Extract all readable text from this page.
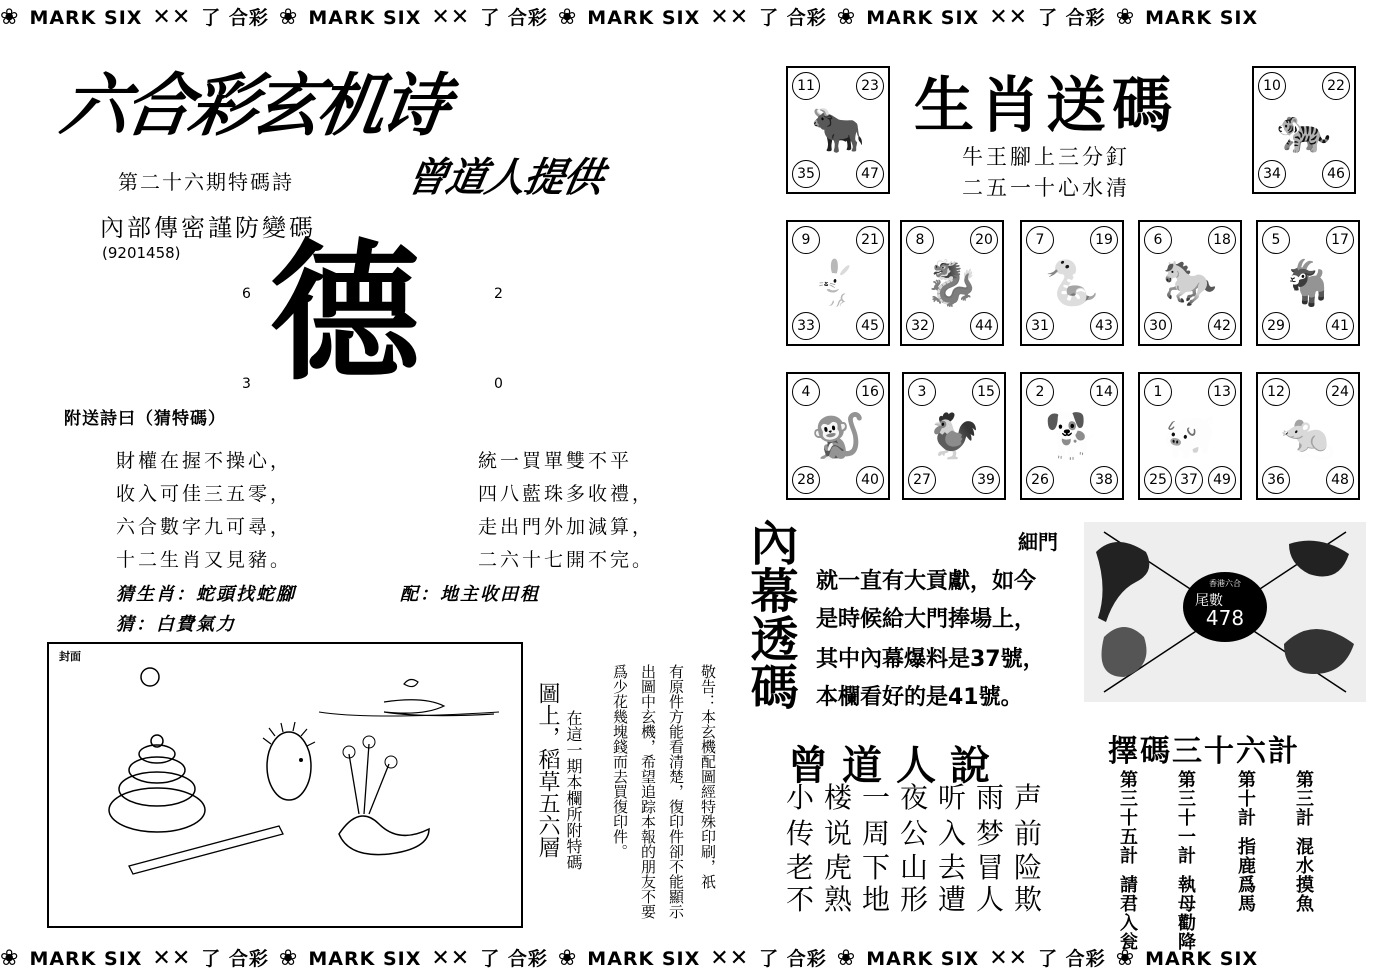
❀ MARK SIX ✕✕ 了 合彩 ❀ MARK SIX ✕✕ 了 合彩 ❀ MARK SIX ✕✕ 了 合彩 ❀ MARK SIX ✕✕ 了 合彩 ❀ MARK SIX
❀ MARK SIX ✕✕ 了 合彩 ❀ MARK SIX ✕✕ 了 合彩 ❀ MARK SIX ✕✕ 了 合彩 ❀ MARK SIX ✕✕ 了 合彩 ❀ MARK SIX
六合彩玄机诗
第二十六期特碼詩	曾道人提供
內部傳密謹防變碼
(9201458) 德
6	2
3	0
附送詩曰（猜特碼）
財權在握不操心，
收入可佳三五零，
六合數字九可尋，
十二生肖又見豬。
統一買單雙不平
四八藍珠多收禮，
走出門外加減算，
二六十七開不完。
猜生肖：蛇頭找蛇腳	配：地主收田租
猜：白費氣力
封面
在這一期本欄所附特碼
圖上，稻草五六層	敬告：本玄機配圖經特殊印刷，祇
有原件方能看清楚，復印件卻不能顯示
出圖中玄機，希望追踪本報的朋友不要
爲少花幾塊錢而去買復印件。
🐂
11	23
35	47
🐅
10	22
34	46
🐇
9	21
33	45
🐉
8	20
32	44
🐍
7	19
31	43
🐎
6	18
30	42
🐐
5	17
29	41
🐒
4	16
28	40
🐓
3	15
27	39
🐕
2	14
26	38
🐖
1	13
25	49
37
🐀
12	24
36	48
生肖送碼
牛王腳上三分釘
二五一十心水清
內幕透碼	細門
就一直有大貢獻，如今
是時候給大門捧場上，
其中內幕爆料是37號，
本欄看好的是41號。
香港六合
尾數
478
曾道人說
小楼一夜听雨声
传说周公入梦前
老虎下山去冒险
不熟地形遭人欺
擇碼三十六計
第三計混水摸魚
第十計指鹿爲馬
第三十一計執母勸降
第三十五計請君入瓮
